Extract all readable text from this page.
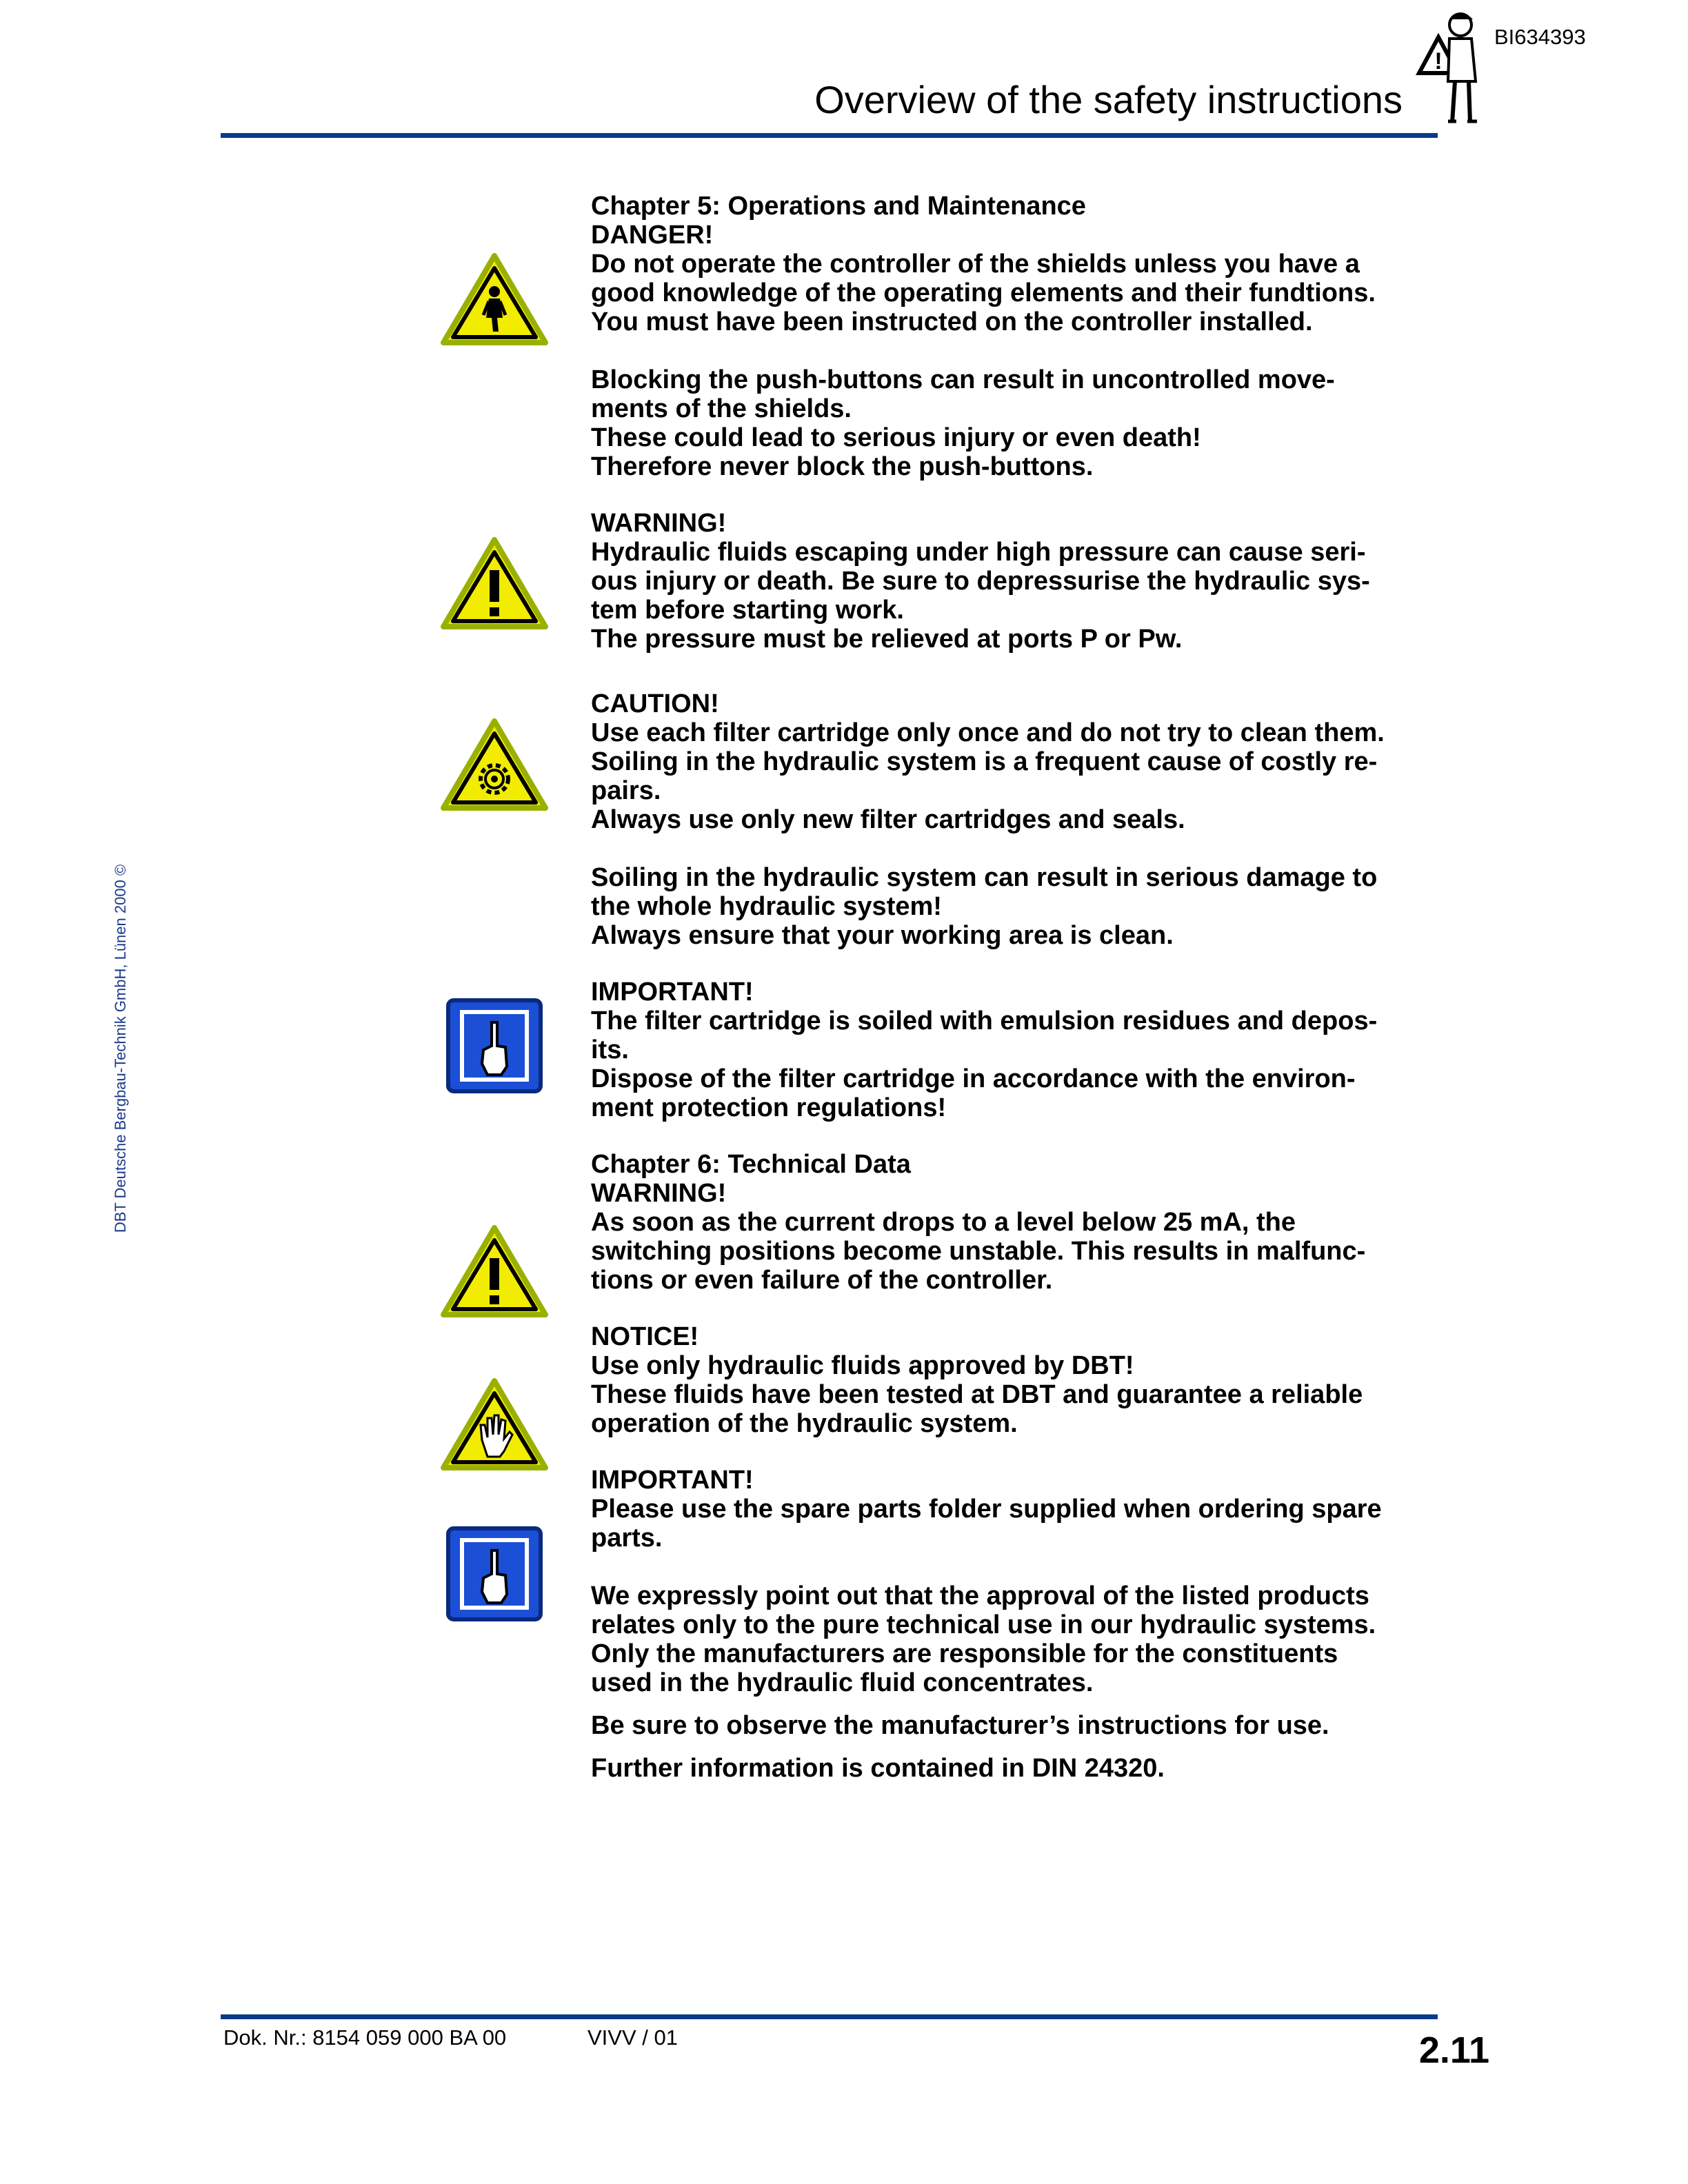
Overview of the safety instructions
BI634393
!
DBT Deutsche Bergbau-Technik GmbH, Lünen 2000 ©

Chapter 5: Operations and Maintenance

DANGER!

Do not operate the controller of the shields unless you have a

good knowledge of the operating elements and their fundtions.

You must have been instructed on the controller installed.

Blocking the push-buttons can result in uncontrolled move-

ments of the shields.

These could lead to serious injury or even death!

Therefore never block the push-buttons.

WARNING!

Hydraulic fluids escaping under high pressure can cause seri-

ous injury or death. Be sure to depressurise the hydraulic sys-

tem before starting work.

The pressure must be relieved at ports P or Pw.

CAUTION!

Use each filter cartridge only once and do not try to clean them.

Soiling in the hydraulic system is a frequent cause of costly re-

pairs.

Always use only new filter cartridges and seals.

Soiling in the hydraulic system can result in serious damage to

the whole hydraulic system!

Always ensure that your working area is clean.

IMPORTANT!

The filter cartridge is soiled with emulsion residues and depos-

its.

Dispose of the filter cartridge in accordance with the environ-

ment protection regulations!

Chapter 6: Technical Data

WARNING!

As soon as the current drops to a level below 25 mA, the

switching positions become unstable. This results in malfunc-

tions or even failure of the controller.

NOTICE!

Use only hydraulic fluids approved by DBT!

These fluids have been tested at DBT and guarantee a reliable

operation of the hydraulic system.

IMPORTANT!

Please use the spare parts folder supplied when ordering spare

parts.

We expressly point out that the approval of the listed products

relates only to the pure technical use in our hydraulic systems.

Only the manufacturers are responsible for the constituents

used in the hydraulic fluid concentrates.

Be sure to observe the manufacturer’s instructions for use.

Further information is contained in DIN 24320.

Dok. Nr.: 8154 059 000 BA 00	VIVV / 01	2.11
